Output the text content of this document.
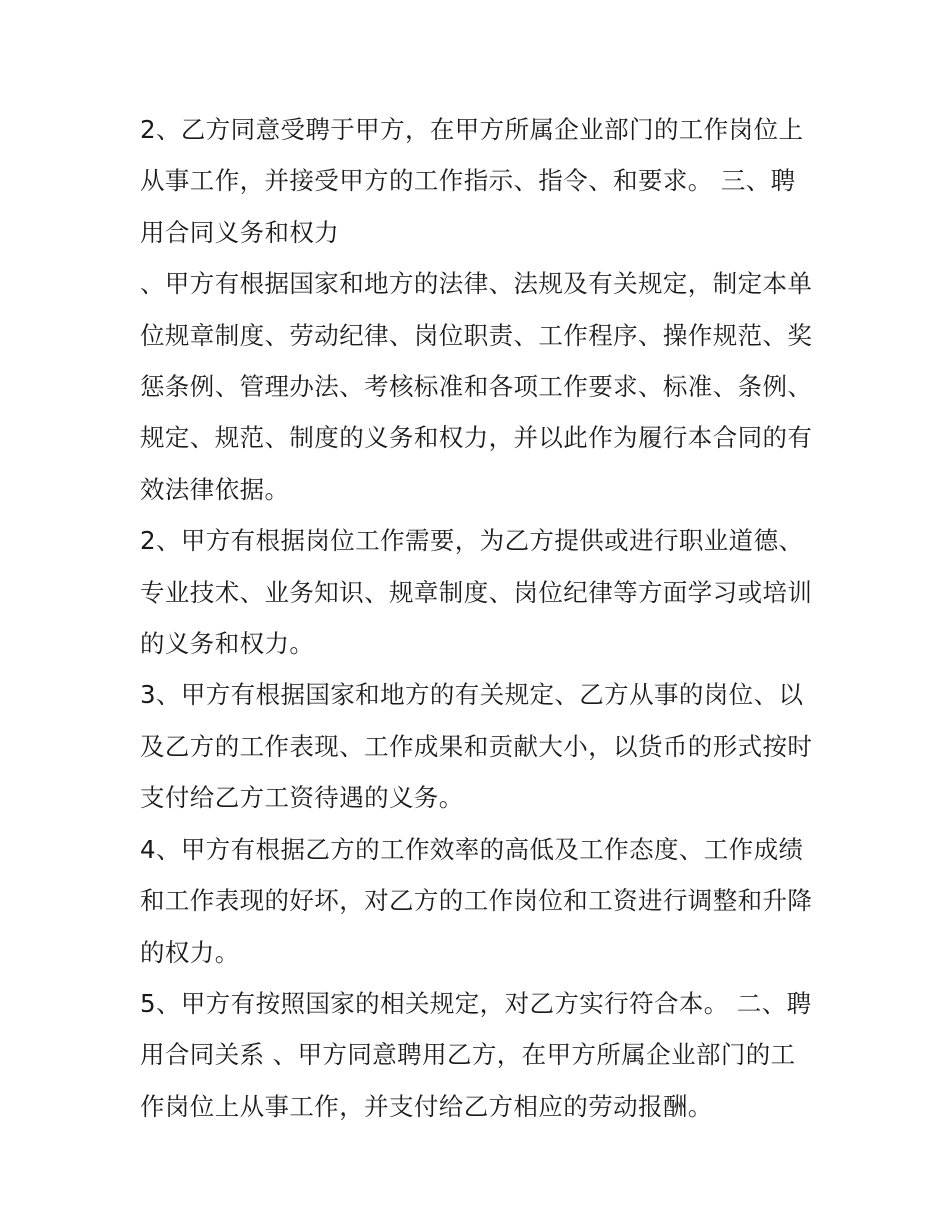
2、乙方同意受聘于甲方，在甲方所属企业部门的工作岗位上从事工作，并接受甲方的工作指示、指令、和要求。 三、聘用合同义务和权力

、甲方有根据国家和地方的法律、法规及有关规定，制定本单位规章制度、劳动纪律、岗位职责、工作程序、操作规范、奖惩条例、管理办法、考核标准和各项工作要求、标准、条例、规定、规范、制度的义务和权力，并以此作为履行本合同的有效法律依据。

2、甲方有根据岗位工作需要，为乙方提供或进行职业道德、专业技术、业务知识、规章制度、岗位纪律等方面学习或培训的义务和权力。

3、甲方有根据国家和地方的有关规定、乙方从事的岗位、以及乙方的工作表现、工作成果和贡献大小，以货币的形式按时支付给乙方工资待遇的义务。

4、甲方有根据乙方的工作效率的高低及工作态度、工作成绩和工作表现的好坏，对乙方的工作岗位和工资进行调整和升降的权力。

5、甲方有按照国家的相关规定，对乙方实行符合本。 二、聘用合同关系 、甲方同意聘用乙方，在甲方所属企业部门的工作岗位上从事工作，并支付给乙方相应的劳动报酬。
